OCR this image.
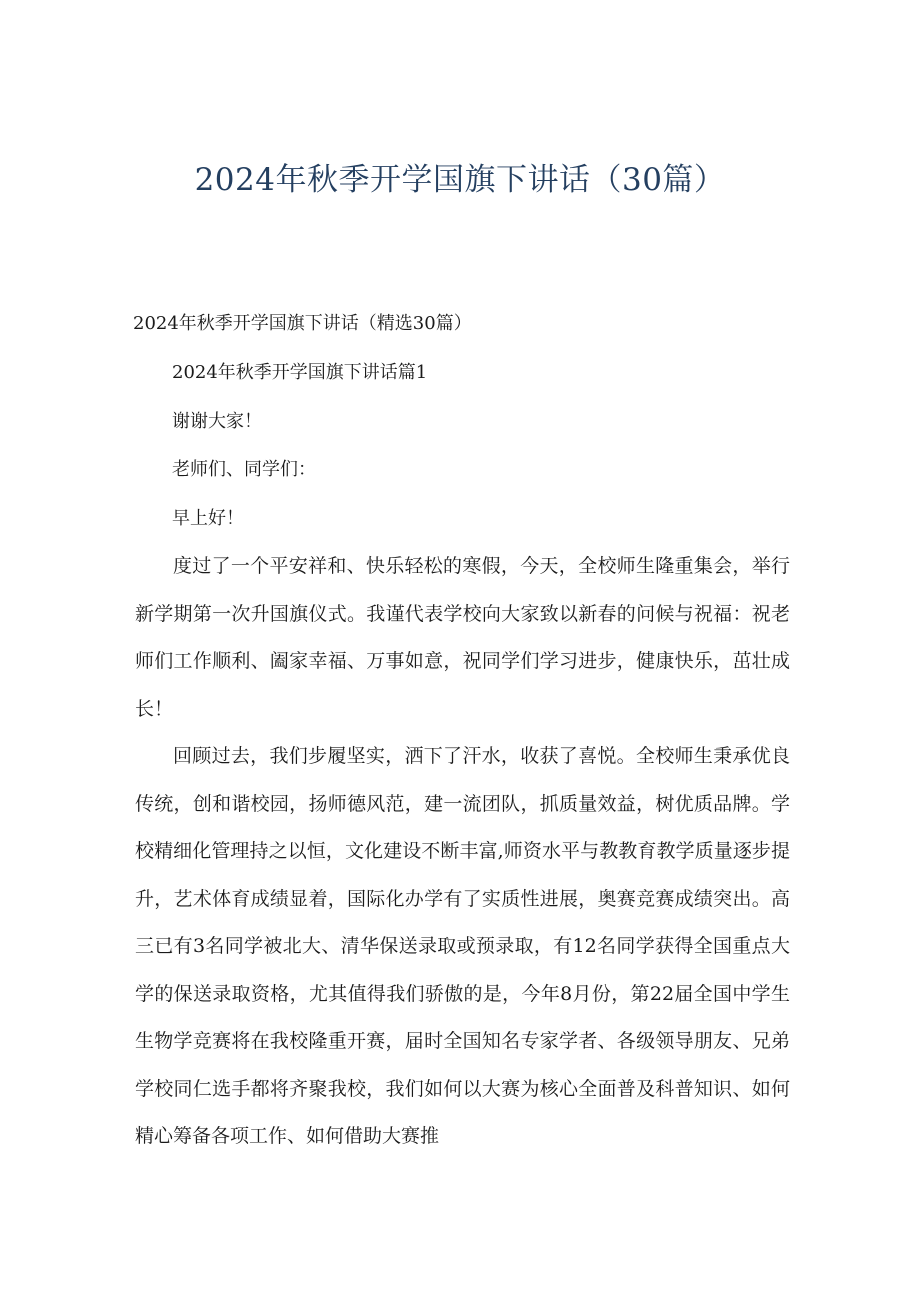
2024年秋季开学国旗下讲话（30篇）

2024年秋季开学国旗下讲话（精选30篇）

2024年秋季开学国旗下讲话篇1

谢谢大家！

老师们、同学们：

早上好！

度过了一个平安祥和、快乐轻松的寒假，今天，全校师生隆重集会，举行新学期第一次升国旗仪式。我谨代表学校向大家致以新春的问候与祝福：祝老师们工作顺利、阖家幸福、万事如意，祝同学们学习进步，健康快乐，茁壮成长！

回顾过去，我们步履坚实，洒下了汗水，收获了喜悦。全校师生秉承优良传统，创和谐校园，扬师德风范，建一流团队，抓质量效益，树优质品牌。学校精细化管理持之以恒，文化建设不断丰富,师资水平与教教育教学质量逐步提升，艺术体育成绩显着，国际化办学有了实质性进展，奥赛竞赛成绩突出。高三已有3名同学被北大、清华保送录取或预录取，有12名同学获得全国重点大学的保送录取资格，尤其值得我们骄傲的是，今年8月份，第22届全国中学生生物学竞赛将在我校隆重开赛，届时全国知名专家学者、各级领导朋友、兄弟学校同仁选手都将齐聚我校，我们如何以大赛为核心全面普及科普知识、如何精心筹备各项工作、如何借助大赛推
